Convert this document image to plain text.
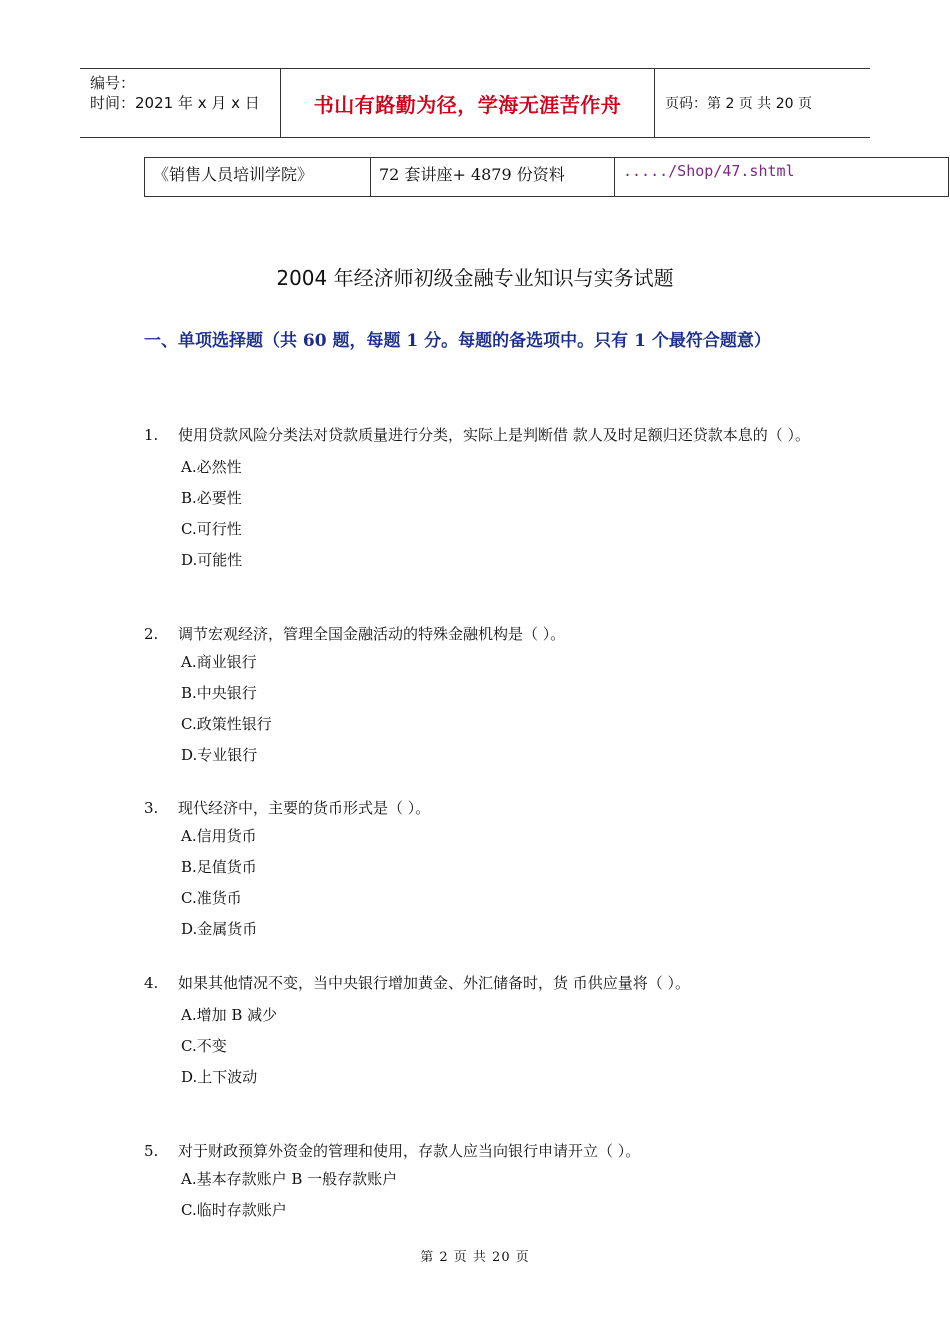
编号：
时间：2021 年 x 月 x 日	书山有路勤为径，学海无涯苦作舟	页码：第 2 页 共 20 页
《销售人员培训学院》	72 套讲座+ 4879 份资料	...../Shop/47.shtml
2004 年经济师初级金融专业知识与实务试题
一、单项选择题（共 60 题，每题 1 分。每题的备选项中。只有 1 个最符合题意）
1.	使用贷款风险分类法对贷款质量进行分类，实际上是判断借 款人及时足额归还贷款本息的（ ）。
A.必然性
B.必要性
C.可行性
D.可能性
2.	调节宏观经济，管理全国金融活动的特殊金融机构是（ ）。
A.商业银行
B.中央银行
C.政策性银行
D.专业银行
3.	现代经济中，主要的货币形式是（ ）。
A.信用货币
B.足值货币
C.准货币
D.金属货币
4.	如果其他情况不变，当中央银行增加黄金、外汇储备时，货 币供应量将（ ）。
A.增加 B 减少
C.不变
D.上下波动
5.	对于财政预算外资金的管理和使用，存款人应当向银行申请开立（ ）。
A.基本存款账户 B 一般存款账户
C.临时存款账户
第 2 页 共 20 页
